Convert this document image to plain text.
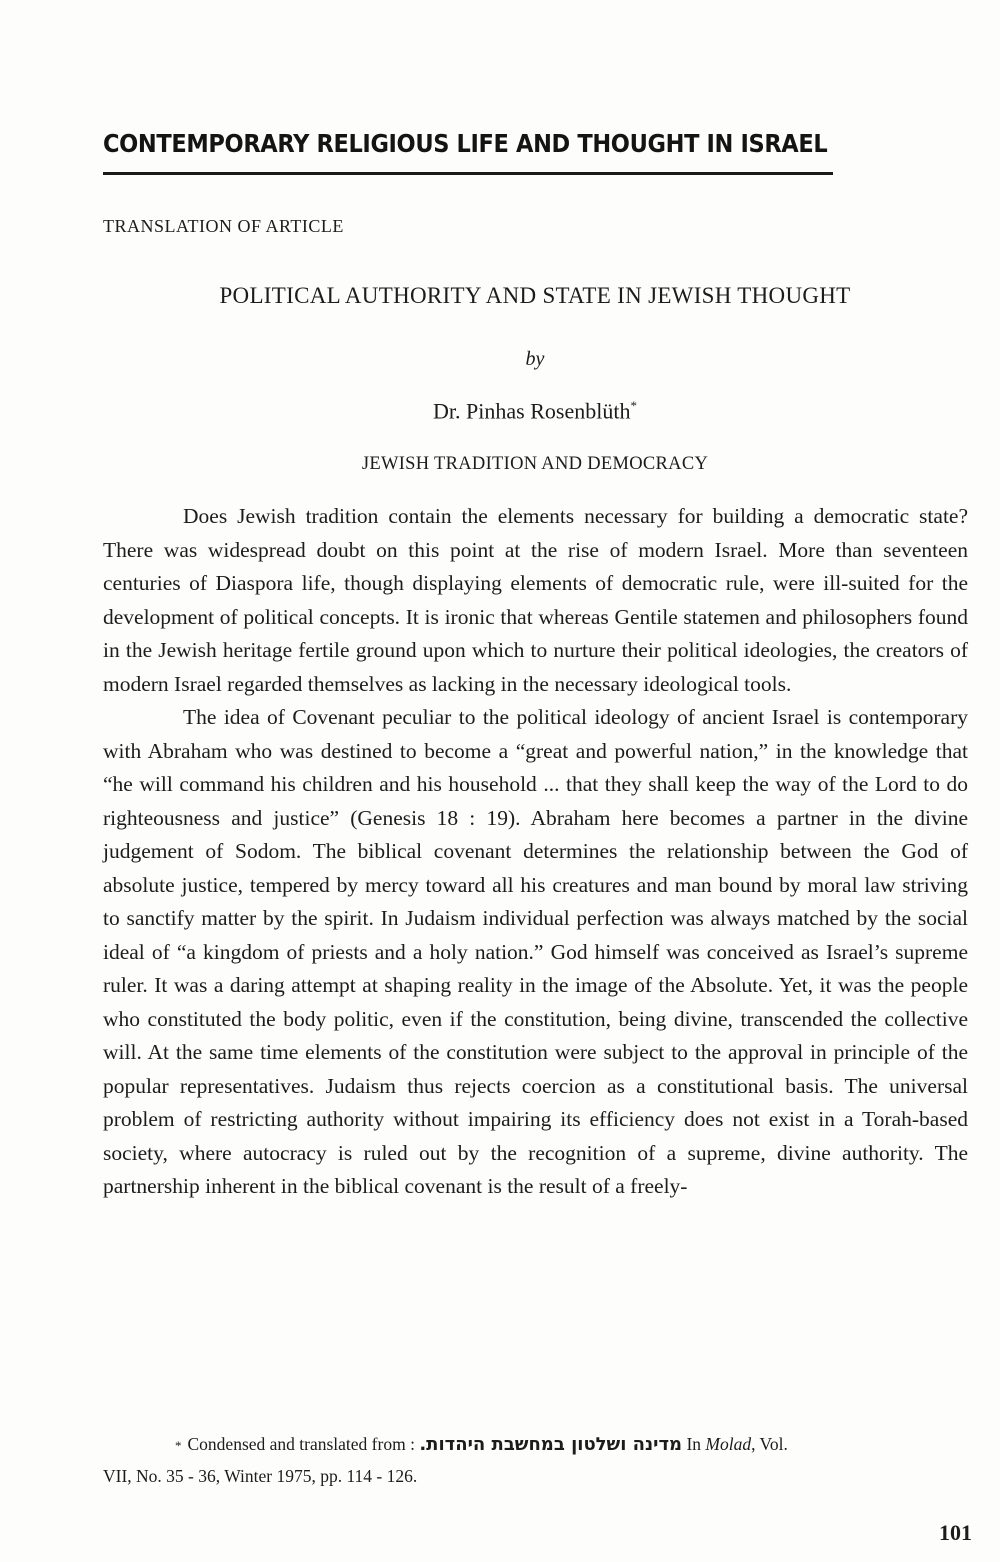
CONTEMPORARY RELIGIOUS LIFE AND THOUGHT IN ISRAEL
TRANSLATION OF ARTICLE
POLITICAL AUTHORITY AND STATE IN JEWISH THOUGHT
by
Dr. Pinhas Rosenblüth*
JEWISH TRADITION AND DEMOCRACY

Does Jewish tradition contain the elements necessary for building a democratic state? There was widespread doubt on this point at the rise of modern Israel. More than seventeen centuries of Diaspora life, though displaying elements of democratic rule, were ill-suited for the development of political concepts. It is ironic that whereas Gentile statemen and philosophers found in the Jewish heritage fertile ground upon which to nurture their political ideologies, the creators of modern Israel regarded themselves as lacking in the necessary ideological tools.

The idea of Covenant peculiar to the political ideology of ancient Israel is contemporary with Abraham who was destined to become a “great and powerful nation,” in the knowledge that “he will command his children and his household ... that they shall keep the way of the Lord to do righteousness and justice” (Genesis 18 : 19). Abraham here becomes a partner in the divine judgement of Sodom. The biblical covenant determines the relationship between the God of absolute justice, tempered by mercy toward all his creatures and man bound by moral law striving to sanctify matter by the spirit. In Judaism individual perfection was always matched by the social ideal of “a kingdom of priests and a holy nation.” God himself was conceived as Israel’s supreme ruler. It was a daring attempt at shaping reality in the image of the Absolute. Yet, it was the people who constituted the body politic, even if the constitution, being divine, transcended the collective will. At the same time elements of the constitution were subject to the approval in principle of the popular representatives. Judaism thus rejects coercion as a constitutional basis. The universal problem of restricting authority without impairing its efficiency does not exist in a Torah-based society, where autocracy is ruled out by the recognition of a supreme, divine authority. The partnership inherent in the biblical covenant is the result of a freely-

* Condensed and translated from : מדינה ושלטון במחשבת היהדות. In Molad, Vol.
VII, No. 35 - 36, Winter 1975, pp. 114 - 126.
101
